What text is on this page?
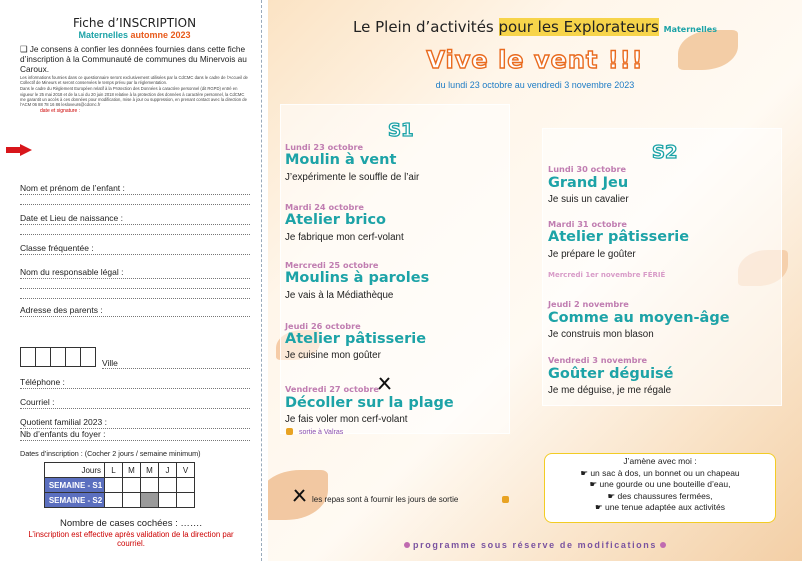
Fiche d’INSCRIPTION
Maternelles automne 2023
❑ Je consens à confier les données fournies dans cette fiche d’inscription à la Communauté de communes du Minervois au Caroux.
Les informations fournies dans ce questionnaire seront exclusivement utilisées par la CdCMC dans le cadre de l’Accueil de Collectif de Mineurs et seront conservées le temps prévu par la réglementation.
Dans le cadre du Règlement Européen relatif à la Protection des Données à caractère personnel (dit RGPD) entré en vigueur le 25 mai 2018 et de la Loi du 20 juin 2018 relative à la protection des données à caractère personnel, la CdCMC me garantit un accès à ces données pour modification, mise à jour ou suppression, en prenant contact avec la direction de l’ACM 06 88 78 16 86 lesloveurs@cdcmc.fr
date et signature :
Nom et prénom de l’enfant :
Date et Lieu de naissance :
Classe fréquentée :
Nom du responsable légal :
Adresse des parents :
Ville
Téléphone :
Courriel :
Quotient familial 2023 :
Nb d’enfants du foyer :
Dates d’inscription : (Cocher 2 jours / semaine minimum)
Jours	L	M	M	J	V
SEMAINE - S1					
SEMAINE - S2					
Nombre de cases cochées : …….
L’inscription est effective après validation de la direction par courriel.
Le Plein d’activités pour les Explorateurs Maternelles
Vive le vent !!!
du lundi 23 octobre au vendredi 3 novembre 2023
S1
S2
Lundi 23 octobre
Moulin à vent
J’expérimente le souffle de l’air
Mardi 24 octobre
Atelier brico
Je fabrique mon cerf-volant
Mercredi 25 octobre
Moulins à paroles
Je vais à la Médiathèque
Jeudi 26 octobre
Atelier pâtisserie
Je cuisine mon goûter
Vendredi 27 octobre
Décoller sur la plage
Je fais voler mon cerf-volant
sortie à Valras
Lundi 30 octobre
Grand Jeu
Je suis un cavalier
Mardi 31 octobre
Atelier pâtisserie
Je prépare le goûter
Mercredi 1er novembre FÉRIÉ
Jeudi 2 novembre
Comme au moyen-âge
Je construis mon blason
Vendredi 3 novembre
Goûter déguisé
Je me déguise, je me régale
J’amène avec moi :
☛ un sac à dos, un bonnet ou un chapeau
☛ une gourde ou une bouteille d’eau,
☛ des chaussures fermées,
☛ une tenue adaptée aux activités
les repas sont à fournir les jours de sortie
programme sous réserve de modifications
